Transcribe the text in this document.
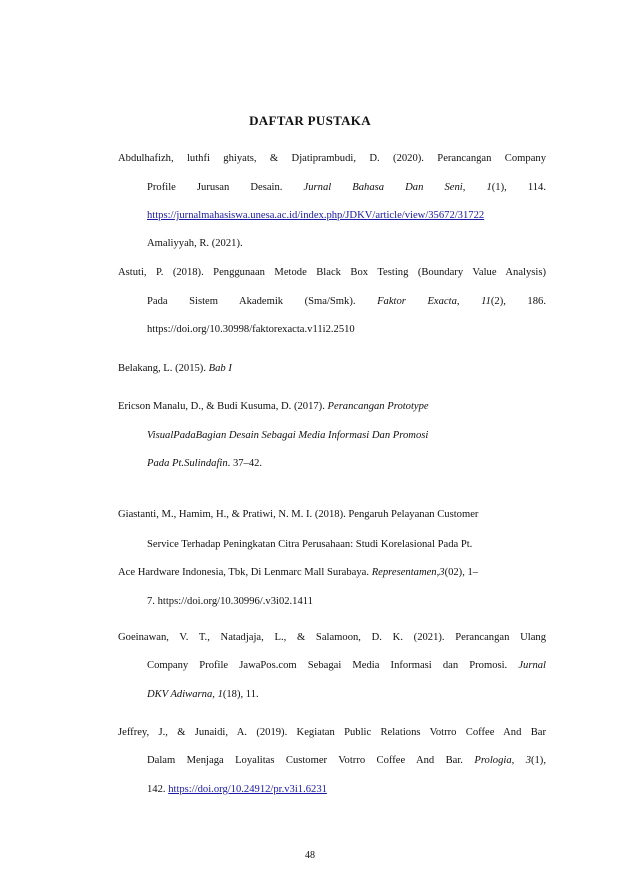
DAFTAR PUSTAKA
Abdulhafizh, luthfi ghiyats, & Djatiprambudi, D. (2020). Perancangan Company
Profile Jurusan Desain. Jurnal Bahasa Dan Seni, 1(1), 114.
https://jurnalmahasiswa.unesa.ac.id/index.php/JDKV/article/view/35672/31722
Amaliyyah, R. (2021).
Astuti, P. (2018). Penggunaan Metode Black Box Testing (Boundary Value Analysis)
Pada Sistem Akademik (Sma/Smk). Faktor Exacta, 11(2), 186.
https://doi.org/10.30998/faktorexacta.v11i2.2510
Belakang, L. (2015). Bab I
Ericson Manalu, D., & Budi Kusuma, D. (2017). Perancangan Prototype
VisualPadaBagian Desain Sebagai Media Informasi Dan Promosi
Pada Pt.Sulindafin. 37–42.
Giastanti, M., Hamim, H., & Pratiwi, N. M. I. (2018). Pengaruh Pelayanan Customer
Service Terhadap Peningkatan Citra Perusahaan: Studi Korelasional Pada Pt.
Ace Hardware Indonesia, Tbk, Di Lenmarc Mall Surabaya. Representamen,3(02), 1–
7. https://doi.org/10.30996/.v3i02.1411
Goeinawan, V. T., Natadjaja, L., & Salamoon, D. K. (2021). Perancangan Ulang
Company Profile JawaPos.com Sebagai Media Informasi dan Promosi. Jurnal
DKV Adiwarna, 1(18), 11.
Jeffrey, J., & Junaidi, A. (2019). Kegiatan Public Relations Votrro Coffee And Bar
Dalam Menjaga Loyalitas Customer Votrro Coffee And Bar. Prologia, 3(1),
142. https://doi.org/10.24912/pr.v3i1.6231
48
